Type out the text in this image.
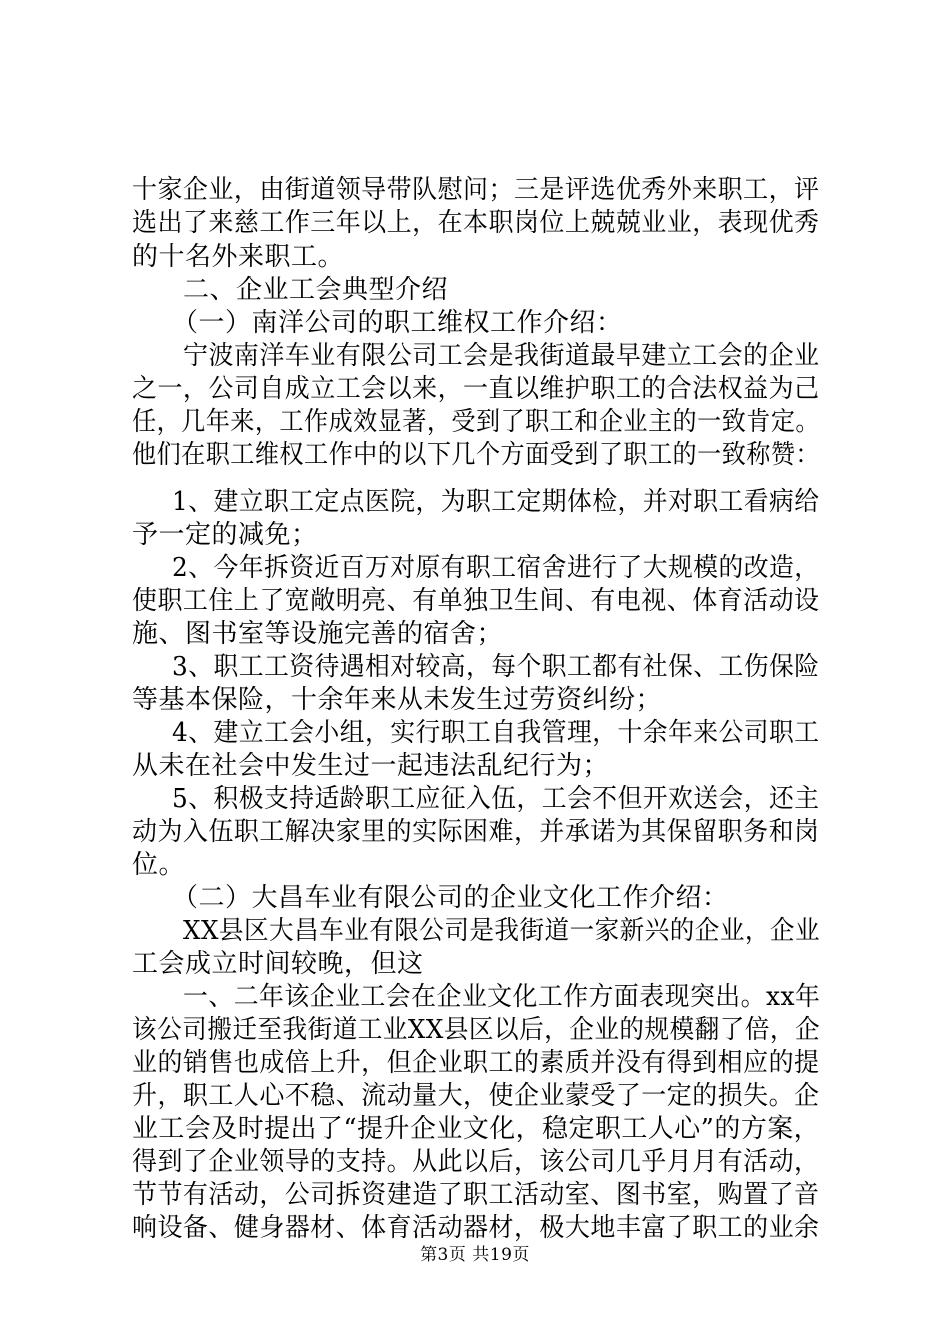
十家企业，由街道领导带队慰问；三是评选优秀外来职工，评
选出了来慈工作三年以上，在本职岗位上兢兢业业，表现优秀
的十名外来职工。
二、企业工会典型介绍
（一）南洋公司的职工维权工作介绍：
宁波南洋车业有限公司工会是我街道最早建立工会的企业
之一，公司自成立工会以来，一直以维护职工的合法权益为己
任，几年来，工作成效显著，受到了职工和企业主的一致肯定。
他们在职工维权工作中的以下几个方面受到了职工的一致称赞：
1、建立职工定点医院，为职工定期体检，并对职工看病给
予一定的减免；
2、今年拆资近百万对原有职工宿舍进行了大规模的改造，
使职工住上了宽敞明亮、有单独卫生间、有电视、体育活动设
施、图书室等设施完善的宿舍；
3、职工工资待遇相对较高，每个职工都有社保、工伤保险
等基本保险，十余年来从未发生过劳资纠纷；
4、建立工会小组，实行职工自我管理，十余年来公司职工
从未在社会中发生过一起违法乱纪行为；
5、积极支持适龄职工应征入伍，工会不但开欢送会，还主
动为入伍职工解决家里的实际困难，并承诺为其保留职务和岗
位。
（二）大昌车业有限公司的企业文化工作介绍：
XX县区大昌车业有限公司是我街道一家新兴的企业，企业
工会成立时间较晚，但这
一、二年该企业工会在企业文化工作方面表现突出。xx年
该公司搬迁至我街道工业XX县区以后，企业的规模翻了倍，企
业的销售也成倍上升，但企业职工的素质并没有得到相应的提
升，职工人心不稳、流动量大，使企业蒙受了一定的损失。企
业工会及时提出了“提升企业文化，稳定职工人心”的方案，
得到了企业领导的支持。从此以后，该公司几乎月月有活动，
节节有活动，公司拆资建造了职工活动室、图书室，购置了音
响设备、健身器材、体育活动器材，极大地丰富了职工的业余
第3页 共19页
